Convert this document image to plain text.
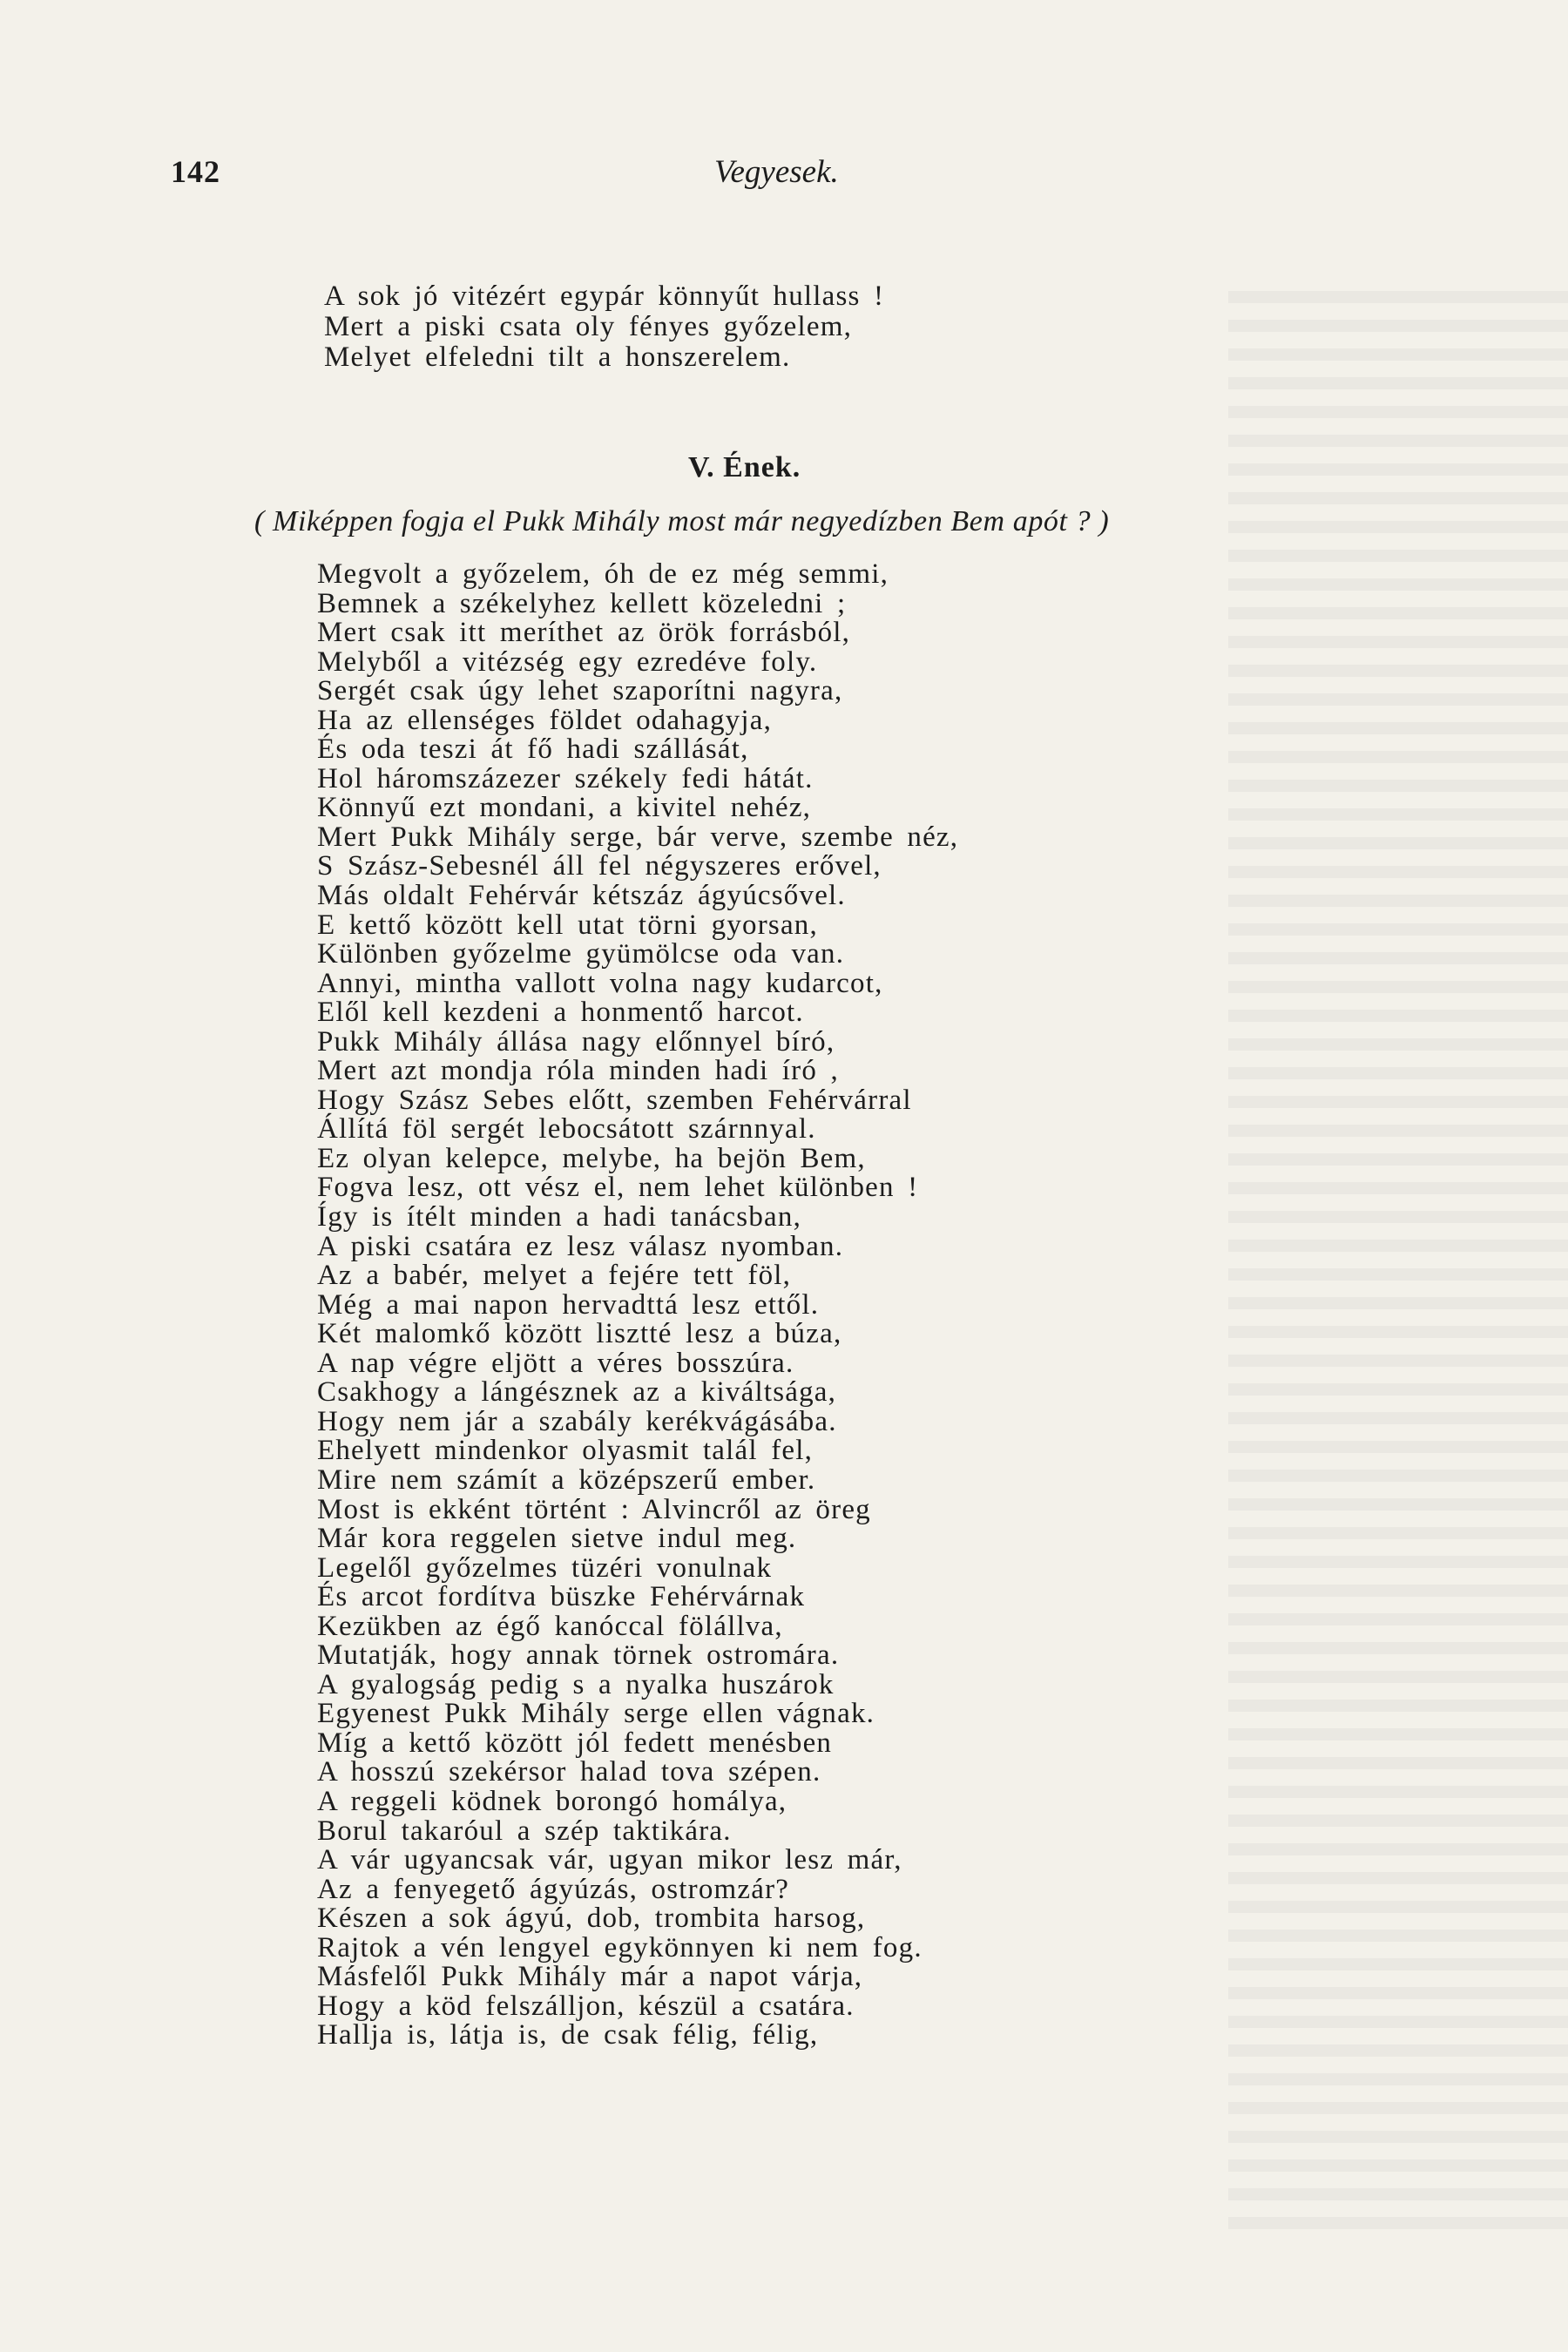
142	Vegyesek.
A sok jó vitézért egypár könnyűt hullass !
Mert a piski csata oly fényes győzelem,
Melyet elfeledni tilt a honszerelem.
V. Ének.
( Miképpen fogja el Pukk Mihály most már negyedízben Bem apót ? )
Megvolt a győzelem, óh de ez még semmi,
Bemnek a székelyhez kellett közeledni ;
Mert csak itt meríthet az örök forrásból,
Melyből a vitézség egy ezredéve foly.
Sergét csak úgy lehet szaporítni nagyra,
Ha az ellenséges földet odahagyja,
És oda teszi át fő hadi szállását,
Hol háromszázezer székely fedi hátát.
Könnyű ezt mondani, a kivitel nehéz,
Mert Pukk Mihály serge, bár verve, szembe néz,
S Szász-Sebesnél áll fel négyszeres erővel,
Más oldalt Fehérvár kétszáz ágyúcsővel.
E kettő között kell utat törni gyorsan,
Különben győzelme gyümölcse oda van.
Annyi, mintha vallott volna nagy kudarcot,
Elől kell kezdeni a honmentő harcot.
Pukk Mihály állása nagy előnnyel bíró,
Mert azt mondja róla minden hadi író ,
Hogy Szász Sebes előtt, szemben Fehérvárral
Állítá föl sergét lebocsátott szárnnyal.
Ez olyan kelepce, melybe, ha bejön Bem,
Fogva lesz, ott vész el, nem lehet különben !
Így is ítélt minden a hadi tanácsban,
A piski csatára ez lesz válasz nyomban.
Az a babér, melyet a fejére tett föl,
Még a mai napon hervadttá lesz ettől.
Két malomkő között lisztté lesz a búza,
A nap végre eljött a véres bosszúra.
Csakhogy a lángésznek az a kiváltsága,
Hogy nem jár a szabály kerékvágásába.
Ehelyett mindenkor olyasmit talál fel,
Mire nem számít a középszerű ember.
Most is ekként történt : Alvincről az öreg
Már kora reggelen sietve indul meg.
Legelől győzelmes tüzéri vonulnak
És arcot fordítva büszke Fehérvárnak
Kezükben az égő kanóccal fölállva,
Mutatják, hogy annak törnek ostromára.
A gyalogság pedig s a nyalka huszárok
Egyenest Pukk Mihály serge ellen vágnak.
Míg a kettő között jól fedett menésben
A hosszú szekérsor halad tova szépen.
A reggeli ködnek borongó homálya,
Borul takaróul a szép taktikára.
A vár ugyancsak vár, ugyan mikor lesz már,
Az a fenyegető ágyúzás, ostromzár?
Készen a sok ágyú, dob, trombita harsog,
Rajtok a vén lengyel egykönnyen ki nem fog.
Másfelől Pukk Mihály már a napot várja,
Hogy a köd felszálljon, készül a csatára.
Hallja is, látja is, de csak félig, félig,
